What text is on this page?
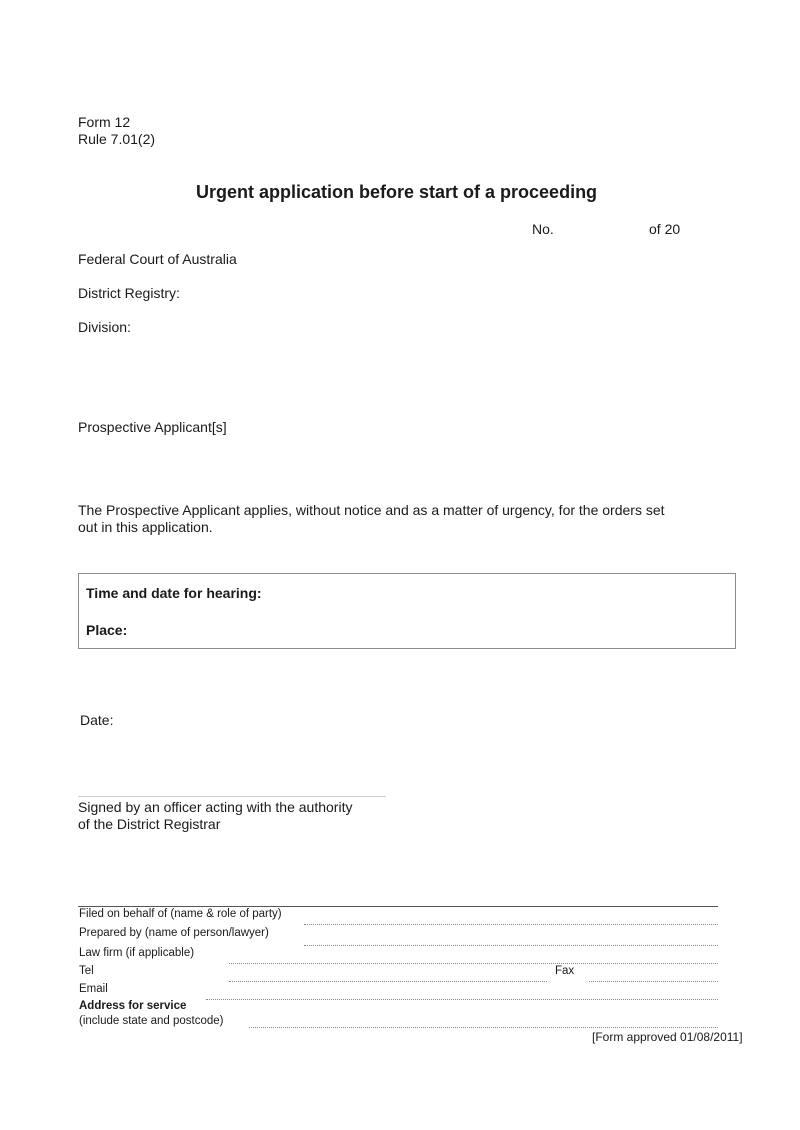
Form 12
Rule 7.01(2)
Urgent application before start of a proceeding
No.	of 20
Federal Court of Australia
District Registry:
Division:
Prospective Applicant[s]
The Prospective Applicant applies, without notice and as a matter of urgency, for the orders set
out in this application.
Time and date for hearing:
Place:
Date:
Signed by an officer acting with the authority
of the District Registrar
Filed on behalf of (name & role of party)
Prepared by (name of person/lawyer)
Law firm (if applicable)
Tel	Fax
Email
Address for service
(include state and postcode)
[Form approved 01/08/2011]
